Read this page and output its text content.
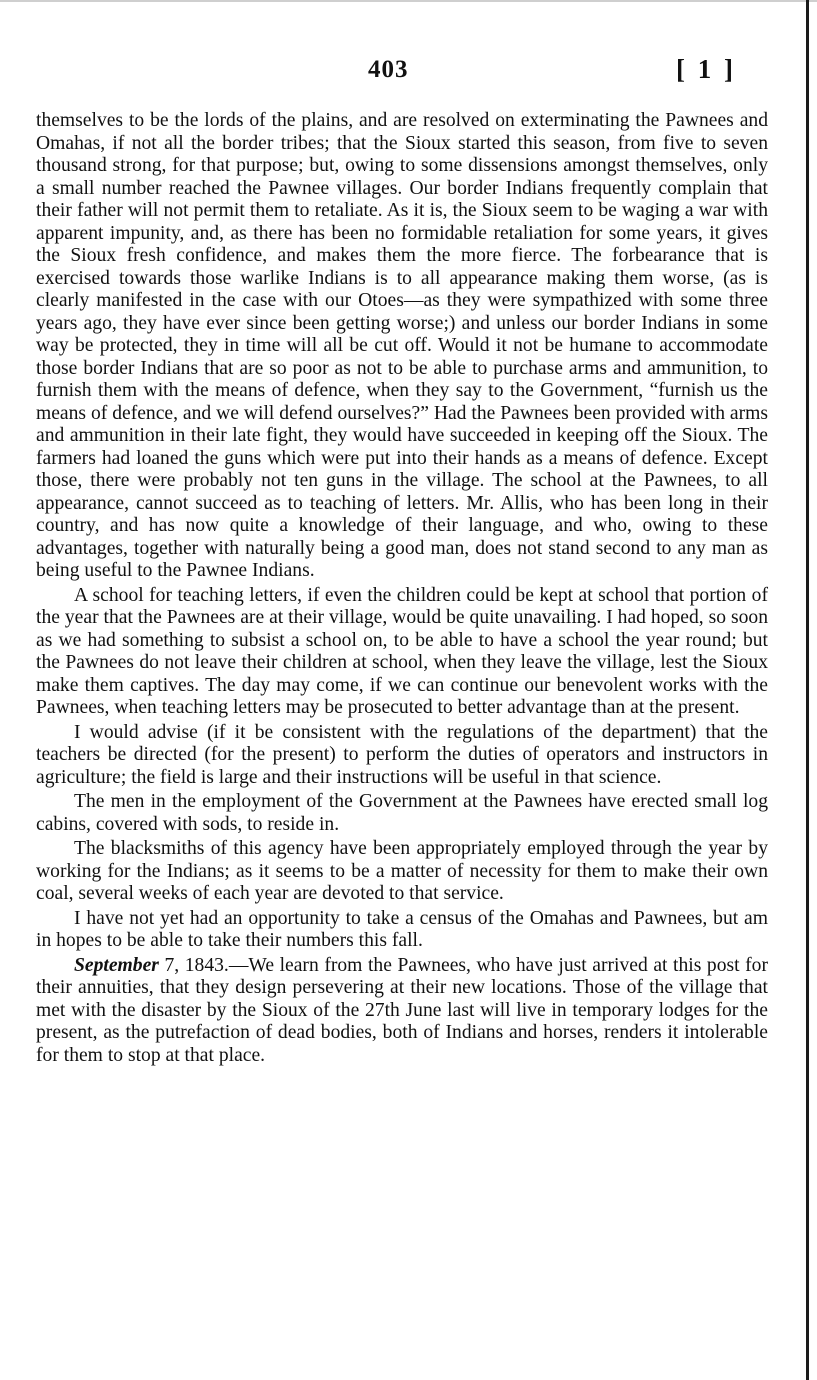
403	[ 1 ]

themselves to be the lords of the plains, and are resolved on exterminating the Pawnees and Omahas, if not all the border tribes; that the Sioux started this season, from five to seven thousand strong, for that purpose; but, owing to some dissensions amongst themselves, only a small number reached the Pawnee villages. Our border Indians frequently complain that their father will not permit them to retaliate. As it is, the Sioux seem to be waging a war with apparent impunity, and, as there has been no formidable retaliation for some years, it gives the Sioux fresh confidence, and makes them the more fierce. The forbearance that is exercised towards those warlike Indians is to all appearance making them worse, (as is clearly manifested in the case with our Otoes—as they were sympathized with some three years ago, they have ever since been getting worse;) and unless our border Indians in some way be protected, they in time will all be cut off. Would it not be humane to accommodate those border Indians that are so poor as not to be able to purchase arms and ammunition, to furnish them with the means of defence, when they say to the Government, “furnish us the means of defence, and we will defend ourselves?” Had the Pawnees been provided with arms and ammunition in their late fight, they would have succeeded in keeping off the Sioux. The farmers had loaned the guns which were put into their hands as a means of defence. Except those, there were probably not ten guns in the village. The school at the Pawnees, to all appearance, cannot succeed as to teaching of letters. Mr. Allis, who has been long in their country, and has now quite a knowledge of their language, and who, owing to these advantages, together with naturally being a good man, does not stand second to any man as being useful to the Pawnee Indians.

A school for teaching letters, if even the children could be kept at school that portion of the year that the Pawnees are at their village, would be quite unavailing. I had hoped, so soon as we had something to subsist a school on, to be able to have a school the year round; but the Pawnees do not leave their children at school, when they leave the village, lest the Sioux make them captives. The day may come, if we can continue our benevolent works with the Pawnees, when teaching letters may be prosecuted to better advantage than at the present.

I would advise (if it be consistent with the regulations of the department) that the teachers be directed (for the present) to perform the duties of operators and instructors in agriculture; the field is large and their instructions will be useful in that science.

The men in the employment of the Government at the Pawnees have erected small log cabins, covered with sods, to reside in.

The blacksmiths of this agency have been appropriately employed through the year by working for the Indians; as it seems to be a matter of necessity for them to make their own coal, several weeks of each year are devoted to that service.

I have not yet had an opportunity to take a census of the Omahas and Pawnees, but am in hopes to be able to take their numbers this fall.

September 7, 1843.—We learn from the Pawnees, who have just arrived at this post for their annuities, that they design persevering at their new locations. Those of the village that met with the disaster by the Sioux of the 27th June last will live in temporary lodges for the present, as the putrefaction of dead bodies, both of Indians and horses, renders it intolerable for them to stop at that place.
